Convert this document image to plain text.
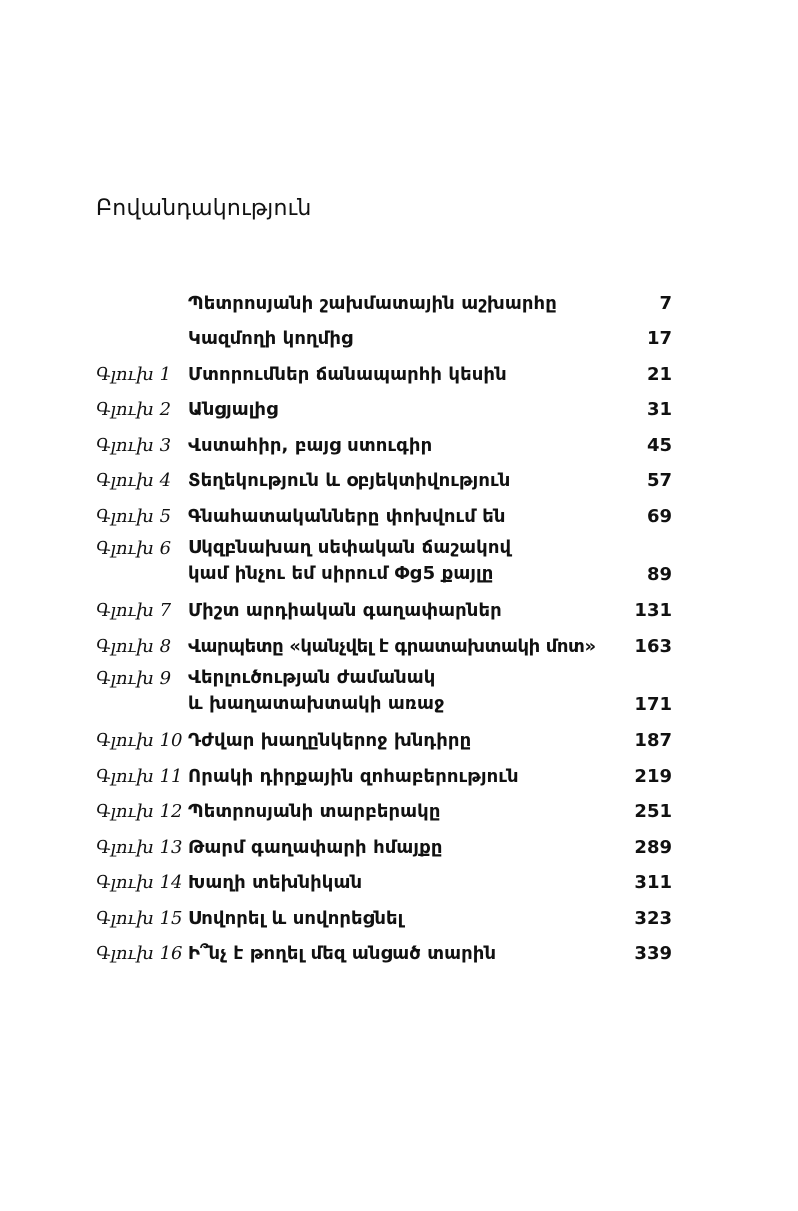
Բովանդակություն
Պետրոսյանի շախմատային աշխարհը	7
Կազմողի կողմից	17
Գլուխ 1 Մտորումներ ճանապարհի կեսին	21
Գլուխ 2 Անցյալից	31
Գլուխ 3 Վստահիր, բայց ստուգիր	45
Գլուխ 4 Տեղեկություն և օբյեկտիվություն	57
Գլուխ 5 Գնահատականները փոխվում են	69
Գլուխ 6 Սկզբնախաղ սեփական ճաշակով
կամ ինչու եմ սիրում Փg5 քայլը	89
Գլուխ 7 Միշտ արդիական գաղափարներ	131
Գլուխ 8 Վարպետը «կանչվել է գրատախտակի մոտ»	163
Գլուխ 9 Վերլուծության ժամանակ
և խաղատախտակի առաջ	171
Գլուխ 10 Դժվար խաղընկերոջ խնդիրը	187
Գլուխ 11 Որակի դիրքային զոհաբերություն	219
Գլուխ 12 Պետրոսյանի տարբերակը	251
Գլուխ 13 Թարմ գաղափարի հմայքը	289
Գլուխ 14 Խաղի տեխնիկան	311
Գլուխ 15 Սովորել և սովորեցնել	323
Գլուխ 16 Ի՞նչ է թողել մեզ անցած տարին	339
